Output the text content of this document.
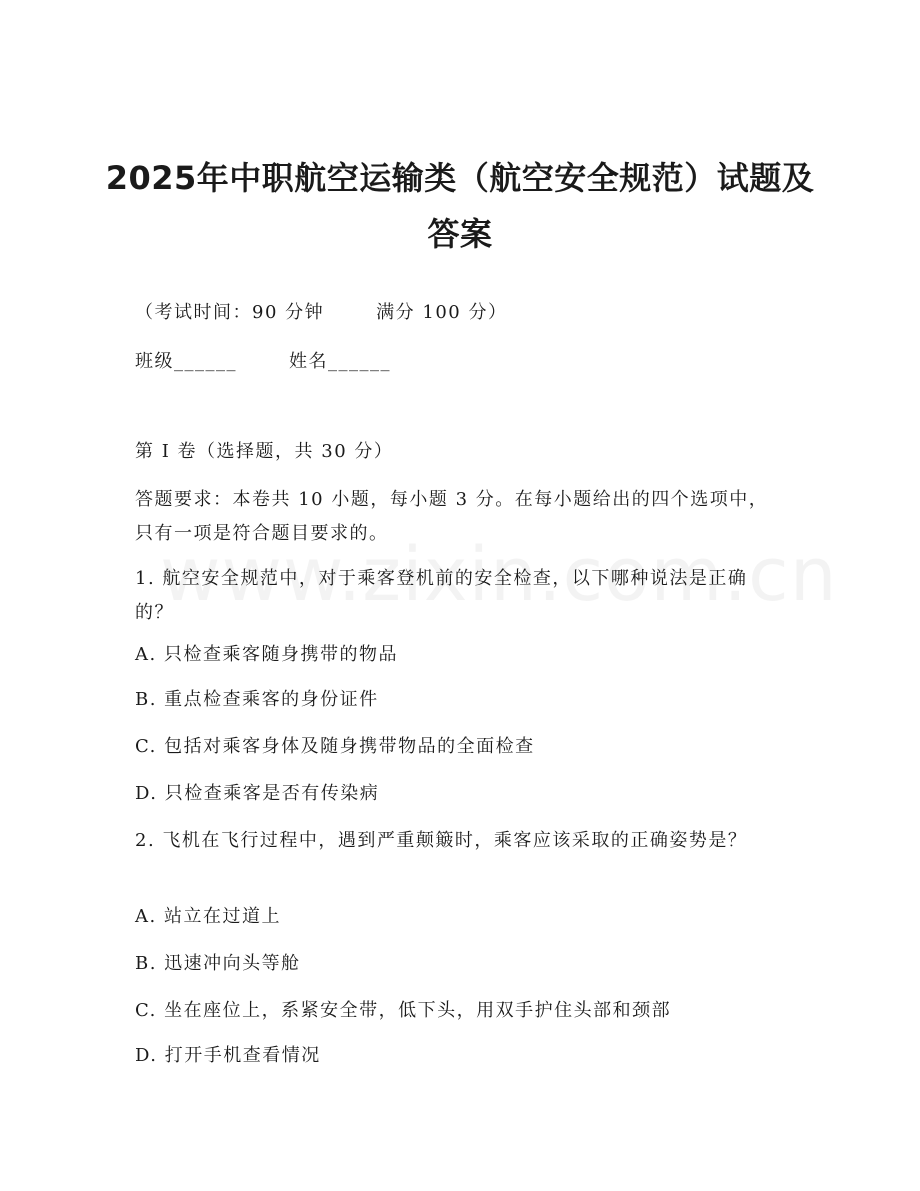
2025年中职航空运输类（航空安全规范）试题及答案
（考试时间：90 分钟	满分 100 分）
班级______	姓名______
第 I 卷（选择题，共 30 分）
答题要求：本卷共 10 小题，每小题 3 分。在每小题给出的四个选项中，只有一项是符合题目要求的。
1. 航空安全规范中，对于乘客登机前的安全检查，以下哪种说法是正确的？
A. 只检查乘客随身携带的物品
B. 重点检查乘客的身份证件
C. 包括对乘客身体及随身携带物品的全面检查
D. 只检查乘客是否有传染病
2. 飞机在飞行过程中，遇到严重颠簸时，乘客应该采取的正确姿势是？
A. 站立在过道上
B. 迅速冲向头等舱
C. 坐在座位上，系紧安全带，低下头，用双手护住头部和颈部
D. 打开手机查看情况
